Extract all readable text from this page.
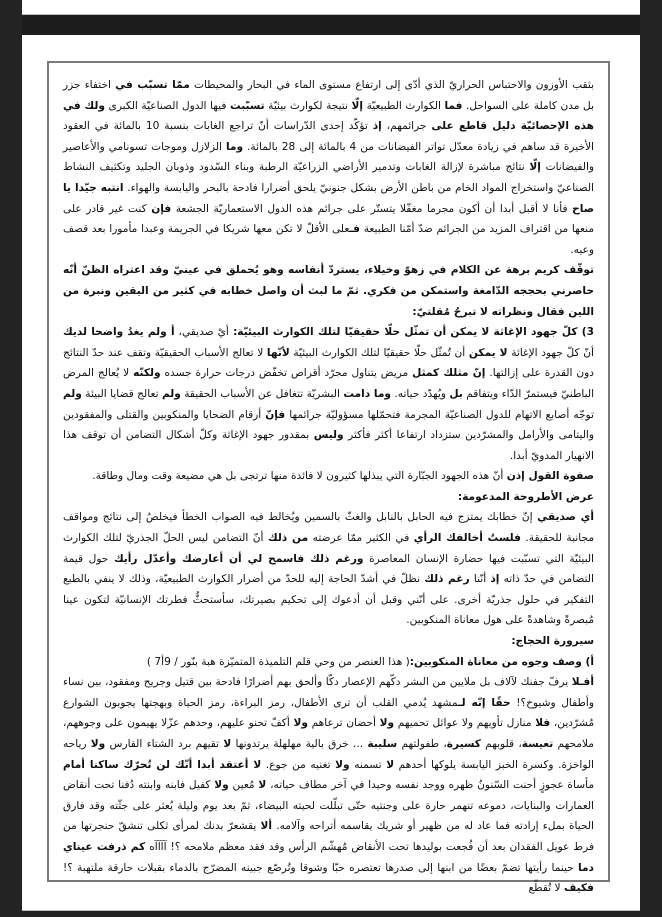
بثقب الأوزون والاحتباس الحراريّ الذي أدّى إلى ارتفاع مستوى الماء في البحار والمحيطات ممّا تسبّب في اختفاء جزر بل مدن كاملة على السواحل. فما الكوارث الطبيعيّة إلّا نتيجة لكوارث بيئيّة تسبّبت فيها الدول الصناعيّة الكبرى ولك في هذه الإحصائيّة دليل قاطع على جرائمهم، إذ تؤكّد إحدى الدّراسات أنّ تراجع الغابات بنسبة 10 بالمائة في العقود الأخيرة قد ساهم في زيادة معدّل تواتر الفيضانات من 4 بالمائة إلى 28 بالمائة. وما الزلازل وموجات تسونامي والأعاصير والفيضانات إلّا نتائج مباشرة لإزالة الغابات وتدمير الأراضي الزراعيّة الرطبة وبناء السّدود وذوبان الجليد وتكثيف النشاط الصناعيّ واستخراج المواد الخام من باطن الأرض بشكل جنونيّ يلحق أضرارا فادحة بالبحر واليابسة والهواء. انتبه جيّدا يا صاح فأنا لا أقبل أبدا أن أكون مجرما مغفّلا يتستّر على جرائم هذه الدول الاستعماريّة الجشعة فإن كنت غير قادر على منعها من اقتراف المزيد من الجرائم ضدّ أمّنا الطبيعة فـعلى الأقلّ لا تكن معها شريكا في الجريمة وعبدا مأمورا بعد قصف وعيه.

توقّف كريم برهة عن الكلام في زهوّ وخيلاء، يستردّ أنفاسه وهو يُحملق في عينيّ وقد اعتراه الظنّ أنّه حاصرني بحججه الدّامغة واستمكن من فكري. ثمّ ما لبث أن واصل خطابه في كثير من اليقين ونبرة من اللين فقال ونظراته لا تبرحُ مُقلتيّ:

3) كلّ جهود الإغاثة لا يمكن أن تمثّل حلّا حقيقيّا لتلك الكوارث البيئيّة: أيْ صديقي، أ ولم يغدُ واضحا لديك أنّ كلّ جهود الإغاثة لا يمكن أن تُمثّل حلّا حقيقيّا لتلك الكوارث البيئيّة لأنّها لا تعالج الأسباب الحقيقيّة وتقف عند حدّ النتائج دون القدرة على إزالتها. إنّ مثلك كمثل مريض يتناول مجرّد أقراص تخفّض درجات حرارة جسده ولكنّه لا يُعالج المرض الباطنيّ فيستمرّ الدّاء ويتفاقم بل ويُهدّد حياته. وما دامت البشريّة تتغافل عن الأسباب الحقيقة ولم تعالج قضايا البيئة ولم توجّه أصابع الاتهام للدول الصناعيّة المجرمة فتحمّلها مسؤوليّة جرائمها فإنّ أرقام الضحايا والمنكوبين والقتلى والمفقودين واليتامى والأرامل والمشرّدين ستزداد ارتفاعا أكثر فأكثر وليس بمقدور جهود الإغاثة وكلّ أشكال التضامن أن توقف هذا الانهيار المدويّ أبدا.

صفوة القول إذن أنّ هذه الجهود الجبّارة التي يبذلها كثيرون لا فائدة منها ترتجى بل هي مضيعة وقت ومال وطاقة.

عرض الأطروحة المدعومة:

أي صديقي إنّ خطابك يمتزج فيه الحابل بالنابل والغثّ بالسمين ويُخالط فيه الصواب الخطأ فيخلصُ إلى نتائج ومواقف مجانبة للحقيقة. فلستُ أخالفك الرأي في الكثير ممّا عرضته من ذلك أنّ التضامن ليس الحلّ الجذريّ لتلك الكوارث البيئيّة التي تسبّبت فيها حضارة الإنسان المعاصرة ورغم ذلك فاسمح لي أن أعارضك وأعدّل رأيك حول قيمة التضامن في حدّ ذاته إذ أنّنا رغم ذلك نظلّ في أشدّ الحاجة إليه للحدّ من أضرار الكوارث الطبيعيّة، وذلك لا ينفي بالطبع التفكير في حلول جذريّة أخرى. على أنّني وقبل أن أدعوك إلى تحكيم بصيرتك، سأستحثُّ فطرتك الإنسانيّة لتكون عينا مُبصرةً وشاهدةً على هول معاناة المنكوبين.

سيرورة الحجاج:

أ) وصف وجوه من معاناة المنكوبين:( هذا العنصر من وحي قلم التلميذة المتميّزة هبة بنّور / 9أ7 )

أفـلا يرفّ جفنك لآلاف بل ملايين من البشر دكّهم الإعصار دكّا وألحق بهم أضرارًا فادحة بين قتيل وجريح ومفقود، بين نساء وأطفال وشيوخ؟! حقًا إنّه لـمشهد يُدمي القلب أن ترى الأطفال، رمز البراءة، رمز الحياة وبهجتها يجوبون الشوارع مُشرّدين، فلا منازل تأويهم ولا عوائل تحميهم ولا أحضان ترعاهم ولا أكفّ تحنو عليهم، وحدهم عزّلا يهيمون على وجوههم، ملامحهم تعيسة، قلوبهم كسيرة، طفولتهم سليبة ... خرق بالية مهلهلة يرتدونها لا تقيهم برد الشتاء القارس ولا رياحه الواخزة. وكسرة الخبز اليابسة يلوكها أحدهم لا تسمنه ولا تغنيه من جوع. لا أعتقد أبدا أنّك لن تُحرّك ساكنا أمام مأساة عجوزٍ أحنت السّنونُ ظهره ووجد نفسه وحيدا في آخر مطاف حياته، لا مُعين ولا كفيل فابنه وابنته دُفنا تحت أنقاض العمارات والبنايات، دموعه تنهمر حارة على وجنتيه حتّى تبلّلت لحيته البيضاء، ثمّ بعد يوم وليلة يُعثر على جثّته وقد فارق الحياة بملء إرادته فما عاد له من ظهير أو شريك يقاسمه أتراحه وآلامه. ألا يقشعرّ بدنك لمرأى ثكلى تنشقّ حنجرتها من فرط عويل الفقدان بعد أن فُجعت بوليدها تحت الأنقاض مُهشّم الرأس وقد فقد معظم ملامحه ؟! آآآآه كم ذرفت عيناي دما حينما رأيتها تضمّ بعضًا من ابنها إلى صدرها تعتصره حبّا وشوقا وتُرصّع جبينه المضرّج بالدماء بقبلات حارقة ملتهبة ؟! فكيف لا تُقطّع
